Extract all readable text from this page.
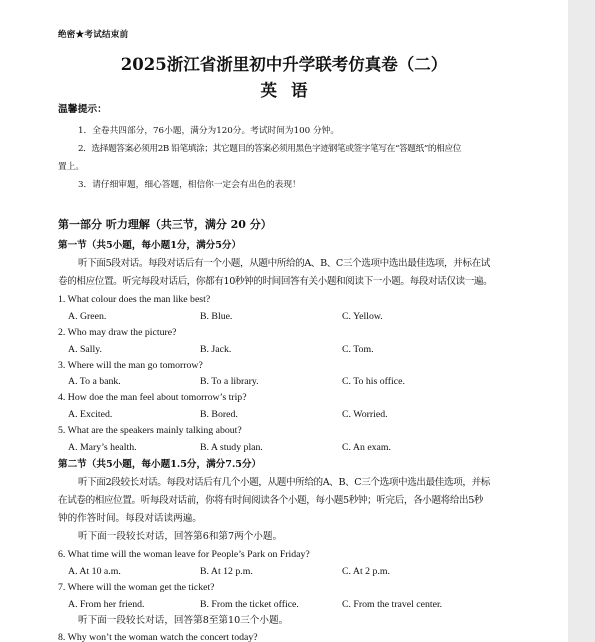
绝密★考试结束前
2025浙江省浙里初中升学联考仿真卷（二）
英语
温馨提示：
1．全卷共四部分，76小题，满分为120分。考试时间为100 分钟。
2．选择题答案必须用2B 铅笔填涂；其它题目的答案必须用黑色字迹钢笔或签字笔写在“答题纸”的相应位
置上。
3．请仔细审题，细心答题，相信你一定会有出色的表现！
第一部分 听力理解（共三节，满分 20 分）
第一节（共5小题，每小题1分，满分5分）
听下面5段对话。每段对话后有一个小题，从题中所给的A、B、C三个选项中选出最佳选项，并标在试
卷的相应位置。听完每段对话后，你都有10秒钟的时间回答有关小题和阅读下一小题。每段对话仅读一遍。
1. What colour does the man like best?
A. Green.	B. Blue.	C. Yellow.
2. Who may draw the picture?
A. Sally.	B. Jack.	C. Tom.
3. Where will the man go tomorrow?
A. To a bank.	B. To a library.	C. To his office.
4. How doe the man feel about tomorrow’s trip?
A. Excited.	B. Bored.	C. Worried.
5. What are the speakers mainly talking about?
A. Mary’s health.	B. A study plan.	C. An exam.
第二节（共5小题，每小题1.5分，满分7.5分）
听下面2段较长对话。每段对话后有几个小题，从题中所给的A、B、C三个选项中选出最佳选项，并标
在试卷的相应位置。听每段对话前，你将有时间阅读各个小题，每小题5秒钟；听完后，各小题将给出5秒
钟的作答时间。每段对话读两遍。
听下面一段较长对话，回答第6和第7两个小题。
6. What time will the woman leave for People’s Park on Friday?
A. At 10 a.m.	B. At 12 p.m.	C. At 2 p.m.
7. Where will the woman get the ticket?
A. From her friend.	B. From the ticket office.	C. From the travel center.
听下面一段较长对话，回答第8至第10三个小题。
8. Why won’t the woman watch the concert today?
